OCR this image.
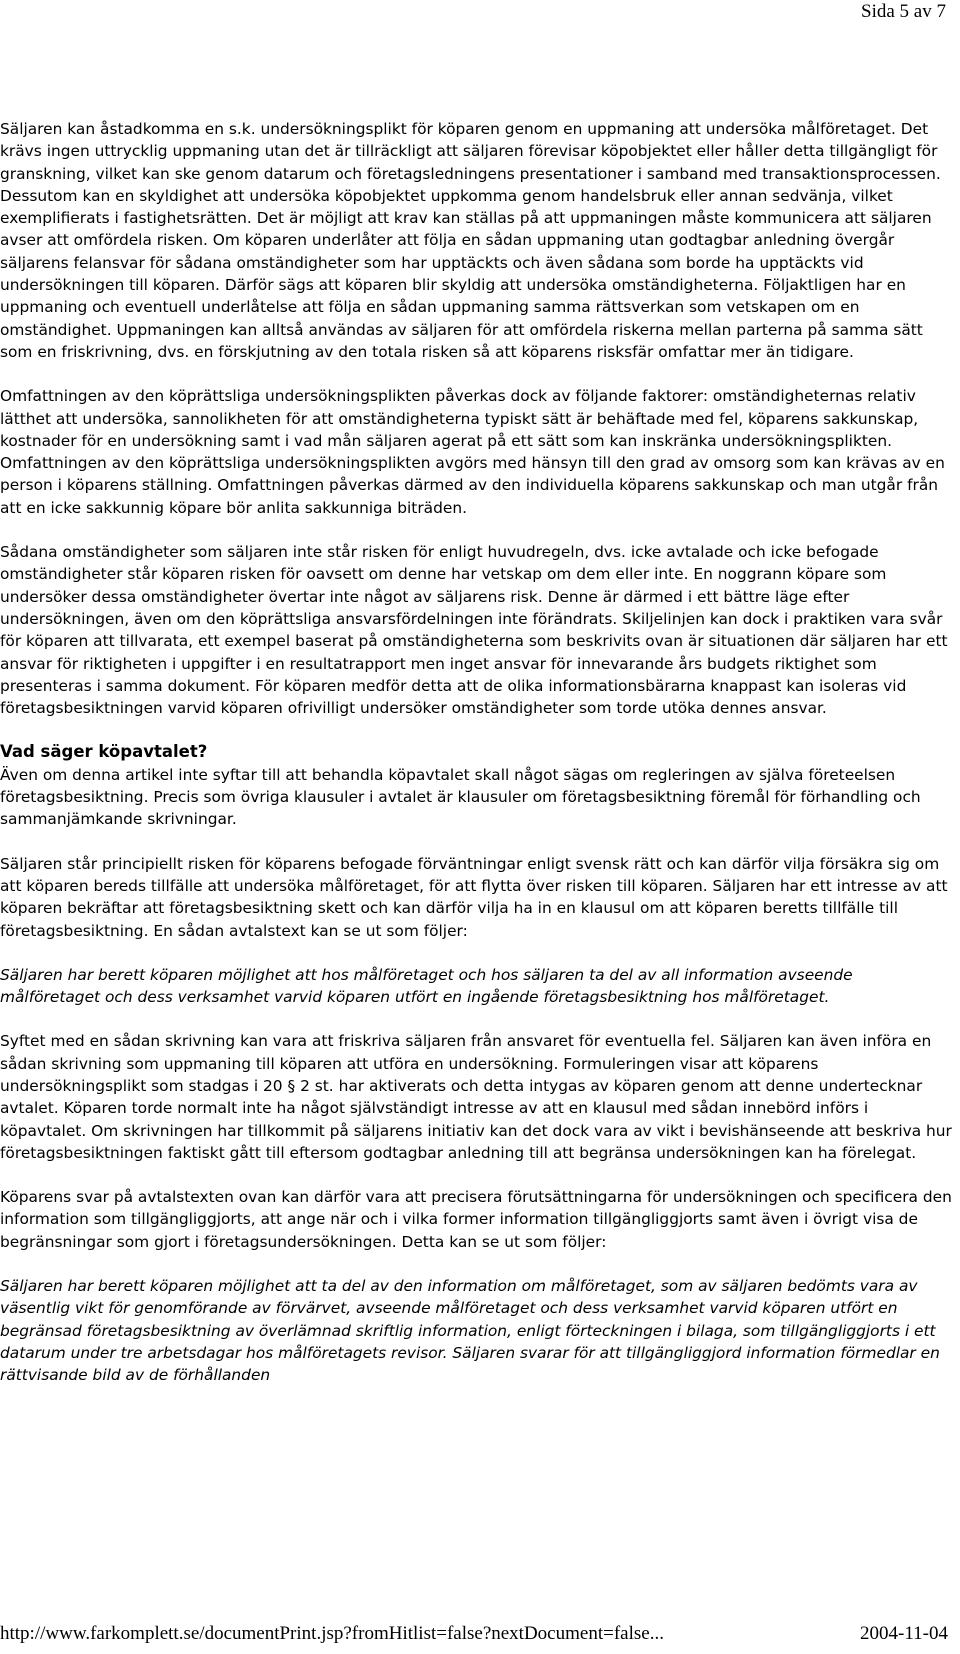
Sida 5 av 7

Säljaren kan åstadkomma en s.k. undersökningsplikt för köparen genom en uppmaning att undersöka målföretaget. Det krävs ingen uttrycklig uppmaning utan det är tillräckligt att säljaren förevisar köpobjektet eller håller detta tillgängligt för granskning, vilket kan ske genom datarum och företagsledningens presentationer i samband med transaktionsprocessen. Dessutom kan en skyldighet att undersöka köpobjektet uppkomma genom handelsbruk eller annan sedvänja, vilket exemplifierats i fastighetsrätten. Det är möjligt att krav kan ställas på att uppmaningen måste kommunicera att säljaren avser att omfördela risken. Om köparen underlåter att följa en sådan uppmaning utan godtagbar anledning övergår säljarens felansvar för sådana omständigheter som har upptäckts och även sådana som borde ha upptäckts vid undersökningen till köparen. Därför sägs att köparen blir skyldig att undersöka omständigheterna. Följaktligen har en uppmaning och eventuell underlåtelse att följa en sådan uppmaning samma rättsverkan som vetskapen om en omständighet. Uppmaningen kan alltså användas av säljaren för att omfördela riskerna mellan parterna på samma sätt som en friskrivning, dvs. en förskjutning av den totala risken så att köparens risksfär omfattar mer än tidigare.

Omfattningen av den köprättsliga undersökningsplikten påverkas dock av följande faktorer: omständigheternas relativ lätthet att undersöka, sannolikheten för att omständigheterna typiskt sätt är behäftade med fel, köparens sakkunskap, kostnader för en undersökning samt i vad mån säljaren agerat på ett sätt som kan inskränka undersökningsplikten. Omfattningen av den köprättsliga undersökningsplikten avgörs med hänsyn till den grad av omsorg som kan krävas av en person i köparens ställning. Omfattningen påverkas därmed av den individuella köparens sakkunskap och man utgår från att en icke sakkunnig köpare bör anlita sakkunniga biträden.

Sådana omständigheter som säljaren inte står risken för enligt huvudregeln, dvs. icke avtalade och icke befogade omständigheter står köparen risken för oavsett om denne har vetskap om dem eller inte. En noggrann köpare som undersöker dessa omständigheter övertar inte något av säljarens risk. Denne är därmed i ett bättre läge efter undersökningen, även om den köprättsliga ansvarsfördelningen inte förändrats. Skiljelinjen kan dock i praktiken vara svår för köparen att tillvarata, ett exempel baserat på omständigheterna som beskrivits ovan är situationen där säljaren har ett ansvar för riktigheten i uppgifter i en resultatrapport men inget ansvar för innevarande års budgets riktighet som presenteras i samma dokument. För köparen medför detta att de olika informationsbärarna knappast kan isoleras vid företagsbesiktningen varvid köparen ofrivilligt undersöker omständigheter som torde utöka dennes ansvar.

Vad säger köpavtalet?

Även om denna artikel inte syftar till att behandla köpavtalet skall något sägas om regleringen av själva företeelsen företagsbesiktning. Precis som övriga klausuler i avtalet är klausuler om företagsbesiktning föremål för förhandling och sammanjämkande skrivningar.

Säljaren står principiellt risken för köparens befogade förväntningar enligt svensk rätt och kan därför vilja försäkra sig om att köparen bereds tillfälle att undersöka målföretaget, för att flytta över risken till köparen. Säljaren har ett intresse av att köparen bekräftar att företagsbesiktning skett och kan därför vilja ha in en klausul om att köparen beretts tillfälle till företagsbesiktning. En sådan avtalstext kan se ut som följer:

Säljaren har berett köparen möjlighet att hos målföretaget och hos säljaren ta del av all information avseende målföretaget och dess verksamhet varvid köparen utfört en ingående företagsbesiktning hos målföretaget.

Syftet med en sådan skrivning kan vara att friskriva säljaren från ansvaret för eventuella fel. Säljaren kan även införa en sådan skrivning som uppmaning till köparen att utföra en undersökning. Formuleringen visar att köparens undersökningsplikt som stadgas i 20 § 2 st. har aktiverats och detta intygas av köparen genom att denne undertecknar avtalet. Köparen torde normalt inte ha något självständigt intresse av att en klausul med sådan innebörd införs i köpavtalet. Om skrivningen har tillkommit på säljarens initiativ kan det dock vara av vikt i bevishänseende att beskriva hur företagsbesiktningen faktiskt gått till eftersom godtagbar anledning till att begränsa undersökningen kan ha förelegat.

Köparens svar på avtalstexten ovan kan därför vara att precisera förutsättningarna för undersökningen och specificera den information som tillgängliggjorts, att ange när och i vilka former information tillgängliggjorts samt även i övrigt visa de begränsningar som gjort i företagsundersökningen. Detta kan se ut som följer:

Säljaren har berett köparen möjlighet att ta del av den information om målföretaget, som av säljaren bedömts vara av väsentlig vikt för genomförande av förvärvet, avseende målföretaget och dess verksamhet varvid köparen utfört en begränsad företagsbesiktning av överlämnad skriftlig information, enligt förteckningen i bilaga, som tillgängliggjorts i ett datarum under tre arbetsdagar hos målföretagets revisor. Säljaren svarar för att tillgängliggjord information förmedlar en rättvisande bild av de förhållanden

http://www.farkomplett.se/documentPrint.jsp?fromHitlist=false?nextDocument=false...	2004-11-04
